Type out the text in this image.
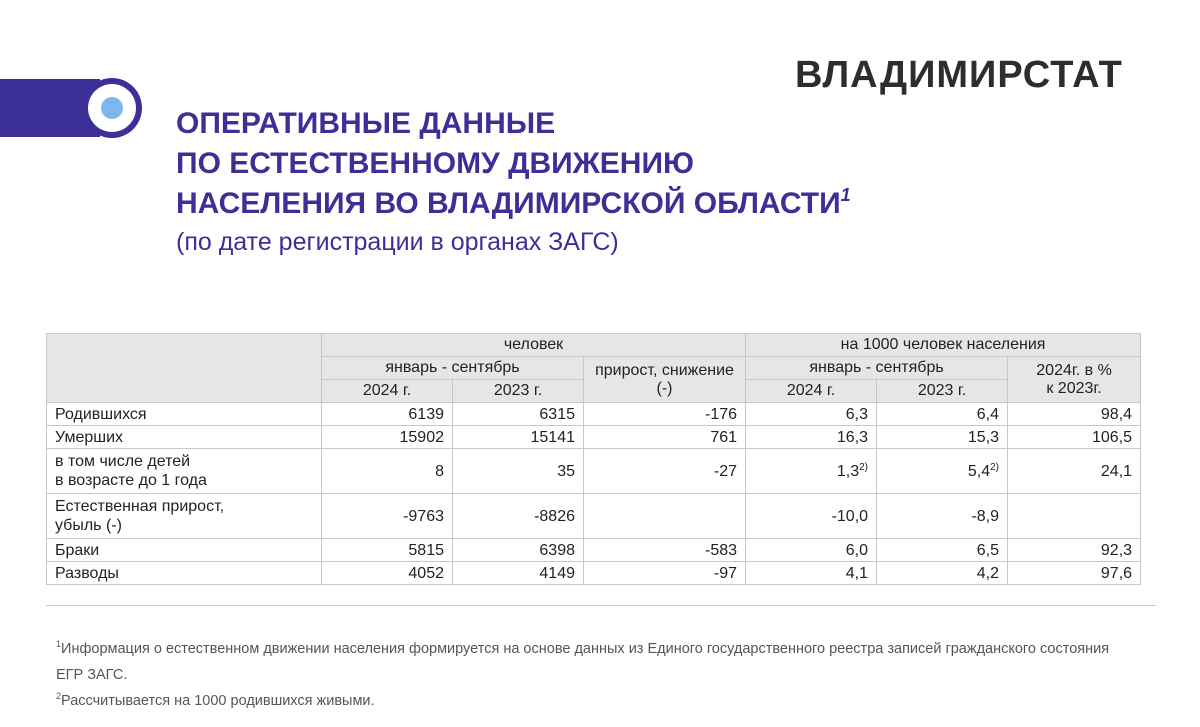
ВЛАДИМИРСТАТ
ОПЕРАТИВНЫЕ ДАННЫЕ
ПО ЕСТЕСТВЕННОМУ ДВИЖЕНИЮ
НАСЕЛЕНИЯ ВО ВЛАДИМИРСКОЙ ОБЛАСТИ$^1$
(по дате регистрации в органах ЗАГС)
	человек			на 1000 человек населения		
	январь - сентябрь		прирост, снижение (-)	январь - сентябрь		2024г. в %
к 2023г.

	2024 г.	2023 г.		2024 г.	2023 г.	
Родившихся	6139	6315	-176	6,3	6,4	98,4
Умерших	15902	15141	761	16,3	15,3	106,5

в том числе детей
в возрасте до 1 года	8	35	-27	1,3$^{2)}$	5,4$^{2)}$	24,1

Естественная прирост,
убыль (-)	-9763	-8826		-10,0	-8,9	
Браки	5815	6398	-583	6,0	6,5	92,3
Разводы	4052	4149	-97	4,1	4,2	97,6

$^1$Информация о естественном движении населения формируется на основе данных из Единого государственного реестра записей гражданского состояния ЕГР ЗАГС.

$^2$Рассчитывается на 1000 родившихся живыми.
